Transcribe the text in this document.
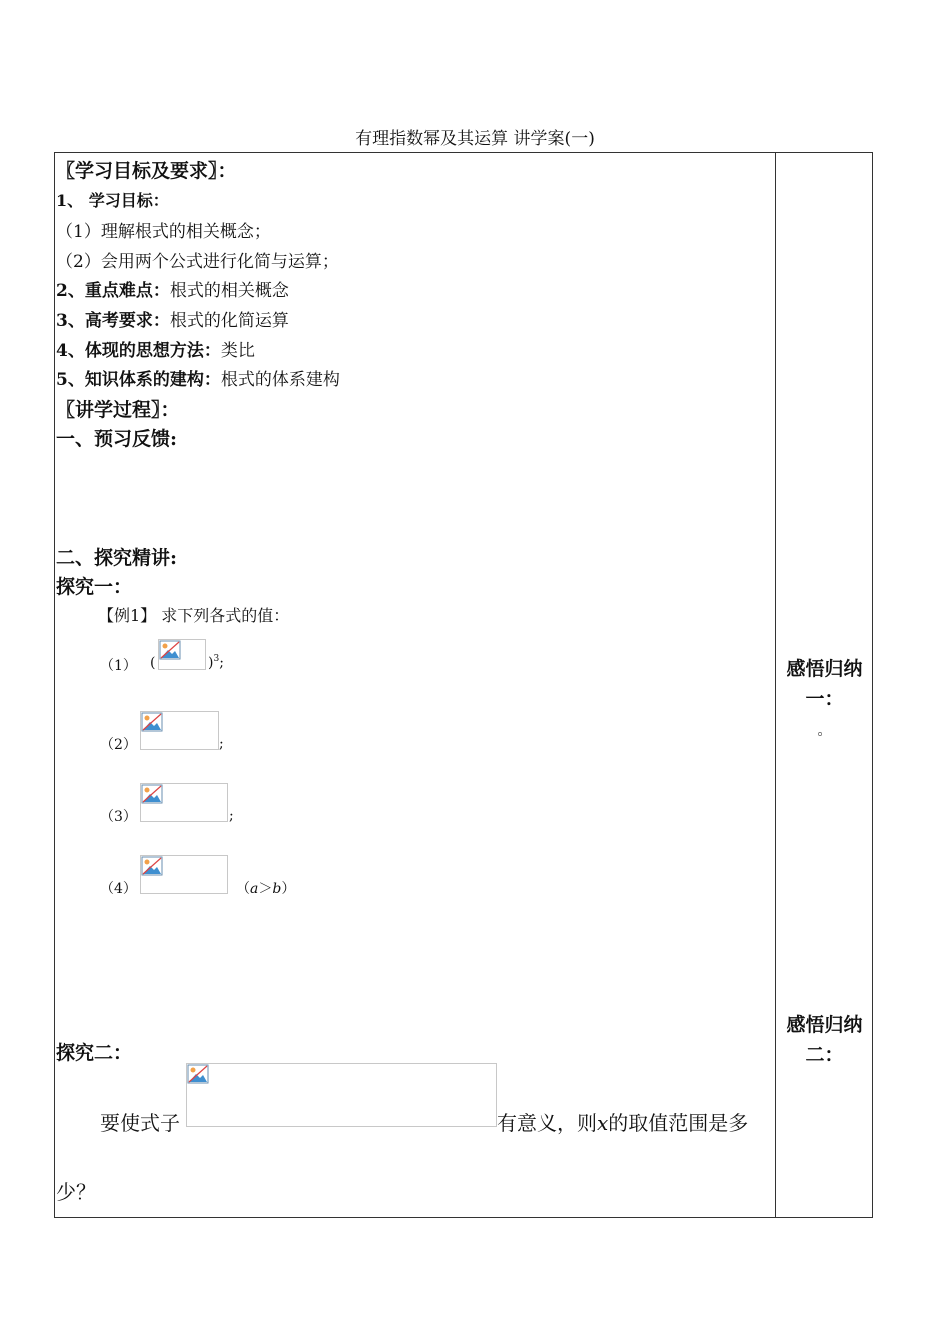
有理指数幂及其运算 讲学案(一)
〖学习目标及要求〗：
1、 学习目标：
（1）理解根式的相关概念；
（2）会用两个公式进行化简与运算；
2、重点难点：根式的相关概念
3、高考要求：根式的化简运算
4、体现的思想方法：类比
5、知识体系的建构：根式的体系建构
〖讲学过程〗：
一、预习反馈:
二、探究精讲:
探究一：
【例1】 求下列各式的值：
（1） (	)$^3$;
（2）	;
（3）	;
（4）	（a＞b）
探究二：
要使式子	有意义，则x的取值范围是多
少？
感悟归纳
一：
。
感悟归纳
二：
